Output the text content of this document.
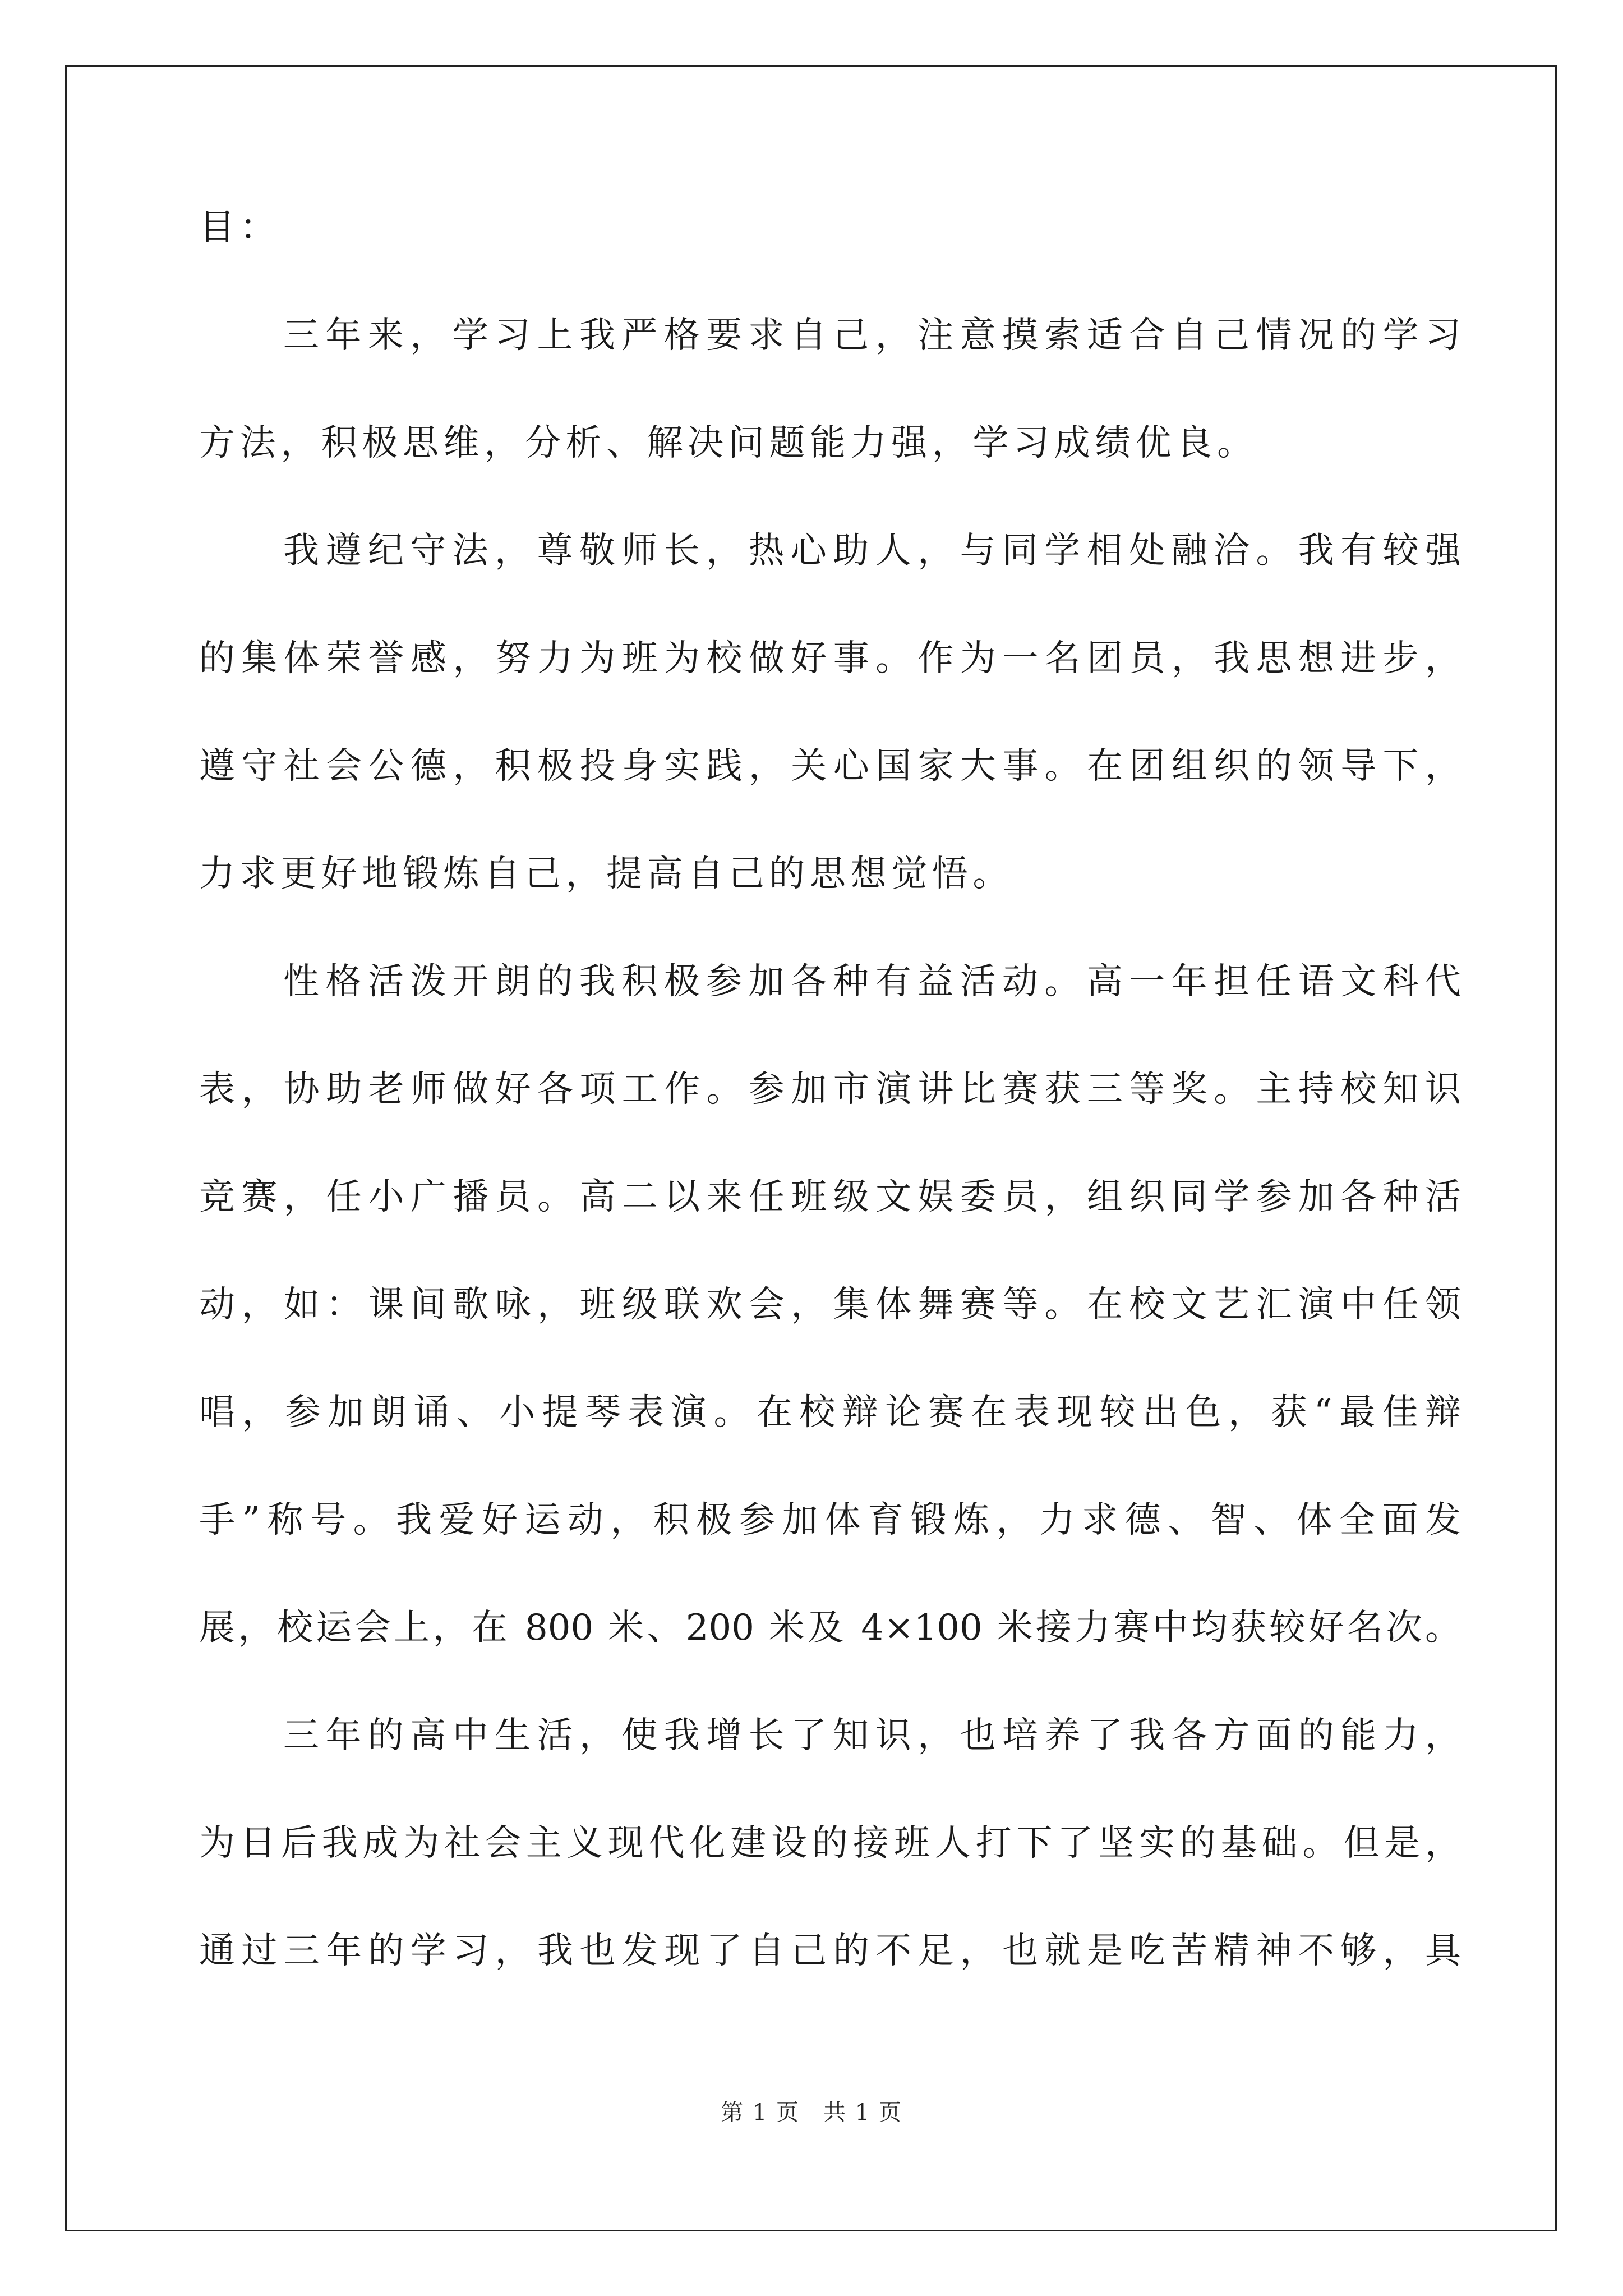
目：
三年来，学习上我严格要求自己，注意摸索适合自己情况的学习
方法，积极思维，分析、解决问题能力强，学习成绩优良。
我遵纪守法，尊敬师长，热心助人，与同学相处融洽。我有较强
的集体荣誉感，努力为班为校做好事。作为一名团员，我思想进步，
遵守社会公德，积极投身实践，关心国家大事。在团组织的领导下，
力求更好地锻炼自己，提高自己的思想觉悟。
性格活泼开朗的我积极参加各种有益活动。高一年担任语文科代
表，协助老师做好各项工作。参加市演讲比赛获三等奖。主持校知识
竞赛，任小广播员。高二以来任班级文娱委员，组织同学参加各种活
动，如：课间歌咏，班级联欢会，集体舞赛等。在校文艺汇演中任领
唱，参加朗诵、小提琴表演。在校辩论赛在表现较出色，获“最佳辩
手”称号。我爱好运动，积极参加体育锻炼，力求德、智、体全面发
展，校运会上，在 800 米、200 米及 4×100 米接力赛中均获较好名次。
三年的高中生活，使我增长了知识，也培养了我各方面的能力，
为日后我成为社会主义现代化建设的接班人打下了坚实的基础。但是，
通过三年的学习，我也发现了自己的不足，也就是吃苦精神不够，具
第 1 页　共 1 页
